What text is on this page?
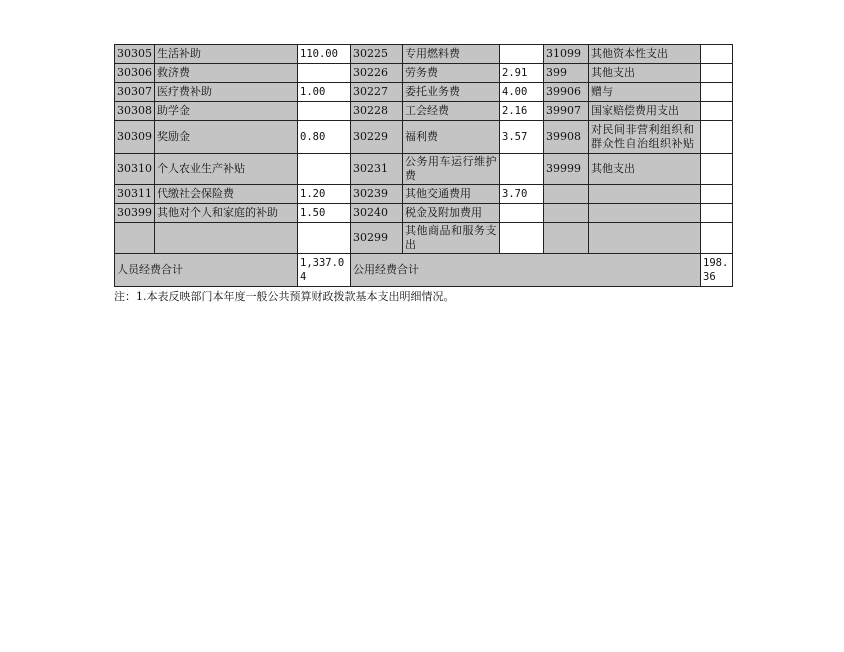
30305	生活补助	110.00	30225	专用燃料费		31099	其他资本性支出	
30306	救济费		30226	劳务费	2.91	399	其他支出	
30307	医疗费补助	1.00	30227	委托业务费	4.00	39906	赠与	
30308	助学金		30228	工会经费	2.16	39907	国家赔偿费用支出	
30309	奖励金	0.80	30229	福利费	3.57	39908	对民间非营利组织和群众性自治组织补贴	
30310	个人农业生产补贴		30231	公务用车运行维护费		39999	其他支出	
30311	代缴社会保险费	1.20	30239	其他交通费用	3.70			
30399	其他对个人和家庭的补助	1.50	30240	税金及附加费用				
			30299	其他商品和服务支出				
人员经费合计		1,337.04	公用经费合计					198.36
注：1.本表反映部门本年度一般公共预算财政拨款基本支出明细情况。
